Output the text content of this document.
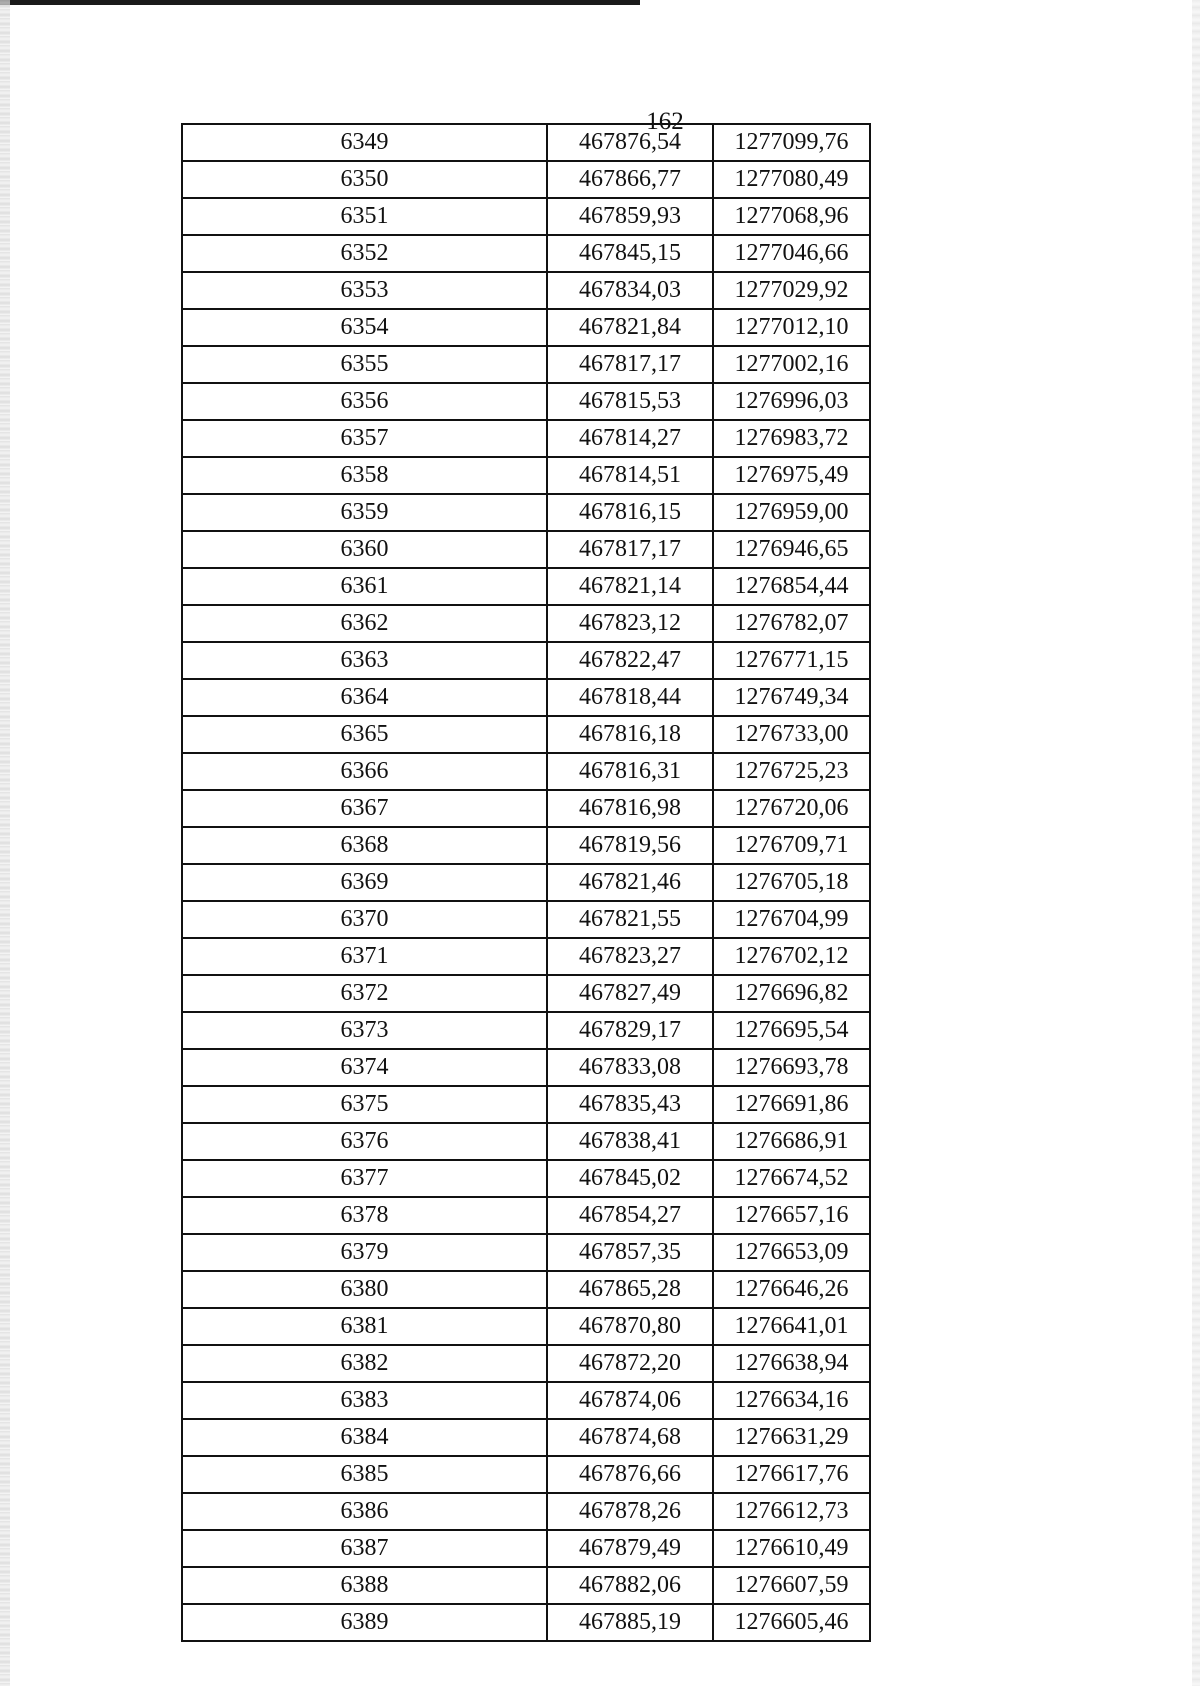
162
6349	467876,54	1277099,76
6350	467866,77	1277080,49
6351	467859,93	1277068,96
6352	467845,15	1277046,66
6353	467834,03	1277029,92
6354	467821,84	1277012,10
6355	467817,17	1277002,16
6356	467815,53	1276996,03
6357	467814,27	1276983,72
6358	467814,51	1276975,49
6359	467816,15	1276959,00
6360	467817,17	1276946,65
6361	467821,14	1276854,44
6362	467823,12	1276782,07
6363	467822,47	1276771,15
6364	467818,44	1276749,34
6365	467816,18	1276733,00
6366	467816,31	1276725,23
6367	467816,98	1276720,06
6368	467819,56	1276709,71
6369	467821,46	1276705,18
6370	467821,55	1276704,99
6371	467823,27	1276702,12
6372	467827,49	1276696,82
6373	467829,17	1276695,54
6374	467833,08	1276693,78
6375	467835,43	1276691,86
6376	467838,41	1276686,91
6377	467845,02	1276674,52
6378	467854,27	1276657,16
6379	467857,35	1276653,09
6380	467865,28	1276646,26
6381	467870,80	1276641,01
6382	467872,20	1276638,94
6383	467874,06	1276634,16
6384	467874,68	1276631,29
6385	467876,66	1276617,76
6386	467878,26	1276612,73
6387	467879,49	1276610,49
6388	467882,06	1276607,59
6389	467885,19	1276605,46
